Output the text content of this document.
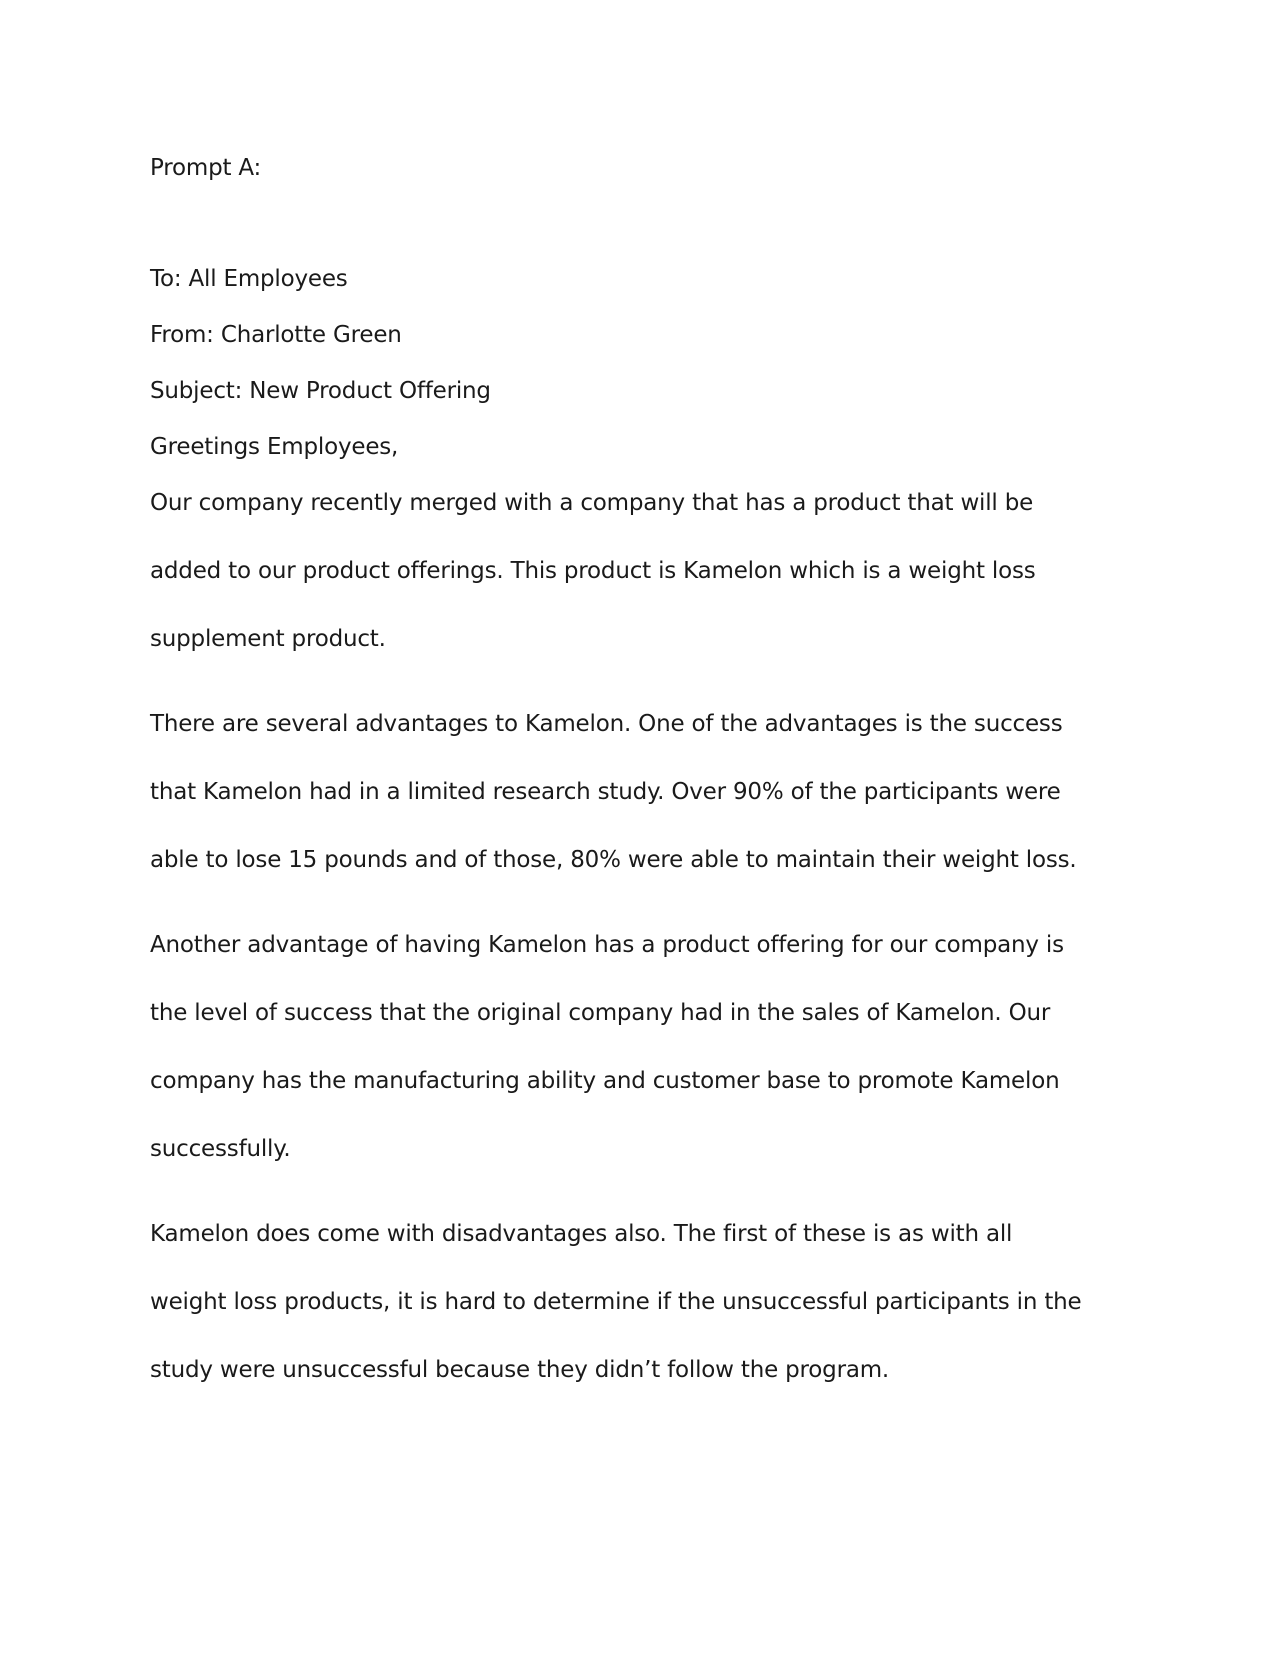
Prompt A:
To: All Employees
From: Charlotte Green
Subject: New Product Offering
Greetings Employees,
Our company recently merged with a company that has a product that will be
added to our product offerings. This product is Kamelon which is a weight loss
supplement product.
There are several advantages to Kamelon. One of the advantages is the success
that Kamelon had in a limited research study. Over 90% of the participants were
able to lose 15 pounds and of those, 80% were able to maintain their weight loss.
Another advantage of having Kamelon has a product offering for our company is
the level of success that the original company had in the sales of Kamelon. Our
company has the manufacturing ability and customer base to promote Kamelon
successfully.
Kamelon does come with disadvantages also. The first of these is as with all
weight loss products, it is hard to determine if the unsuccessful participants in the
study were unsuccessful because they didn’t follow the program.
